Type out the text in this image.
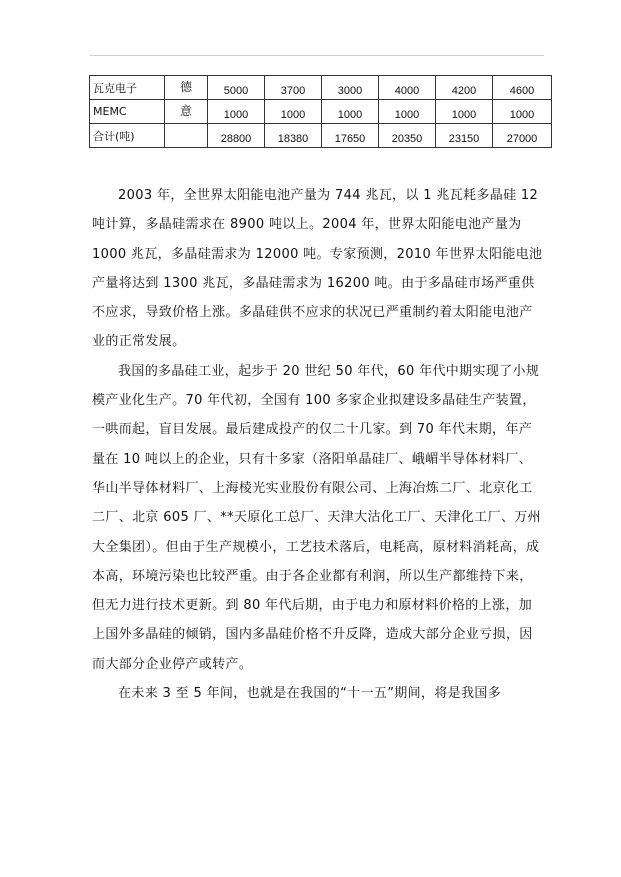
瓦克电子	德	5000	3700	3000	4000	4200	4600
MEMC	意	1000	1000	1000	1000	1000	1000
合计(吨)		28800	18380	17650	20350	23150	27000

2003 年，全世界太阳能电池产量为 744 兆瓦，以 1 兆瓦耗多晶硅 12 吨计算，多晶硅需求在 8900 吨以上。2004 年，世界太阳能电池产量为 1000 兆瓦，多晶硅需求为 12000 吨。专家预测，2010 年世界太阳能电池产量将达到 1300 兆瓦，多晶硅需求为 16200 吨。由于多晶硅市场严重供不应求，导致价格上涨。多晶硅供不应求的状况已严重制约着太阳能电池产业的正常发展。

我国的多晶硅工业，起步于 20 世纪 50 年代，60 年代中期实现了小规模产业化生产。70 年代初，全国有 100 多家企业拟建设多晶硅生产装置，一哄而起，盲目发展。最后建成投产的仅二十几家。到 70 年代末期，年产量在 10 吨以上的企业，只有十多家（洛阳单晶硅厂、峨嵋半导体材料厂、华山半导体材料厂、上海棱光实业股份有限公司、上海冶炼二厂、北京化工二厂、北京 605 厂、**天原化工总厂、天津大沽化工厂、天津化工厂、万州大全集团）。但由于生产规模小，工艺技术落后，电耗高，原材料消耗高，成本高，环境污染也比较严重。由于各企业都有利润，所以生产都维持下来，但无力进行技术更新。到 80 年代后期，由于电力和原材料价格的上涨，加上国外多晶硅的倾销，国内多晶硅价格不升反降，造成大部分企业亏损，因而大部分企业停产或转产。

在未来 3 至 5 年间，也就是在我国的“十一五”期间，将是我国多
